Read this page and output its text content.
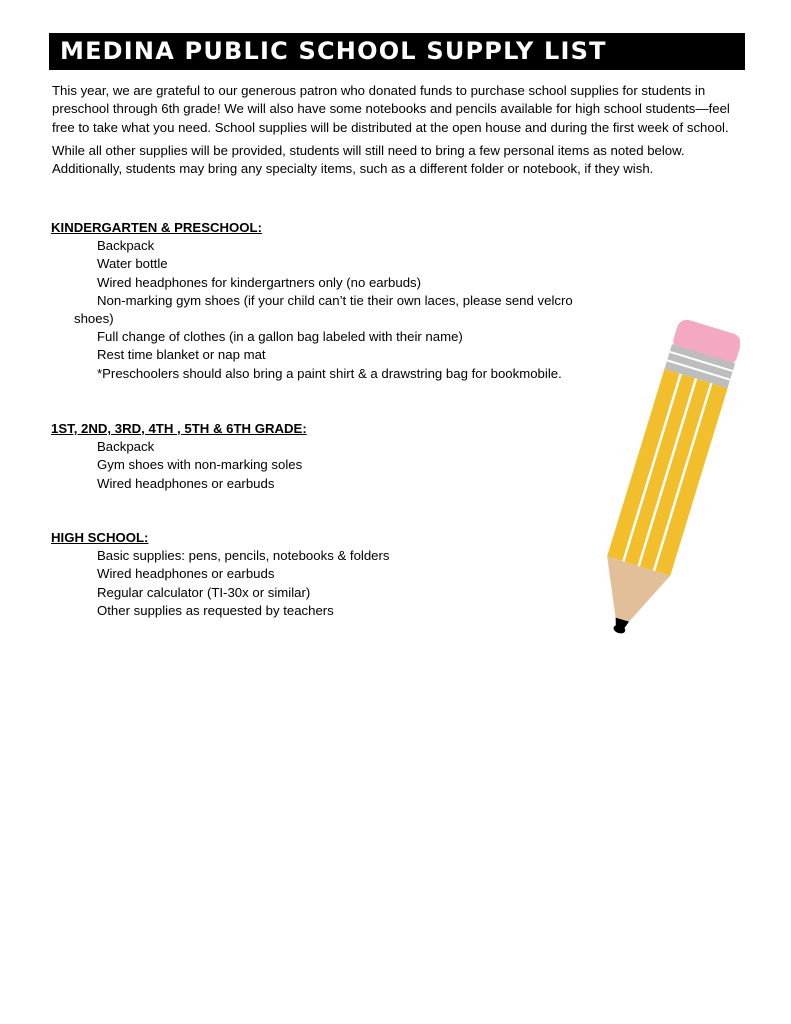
MEDINA PUBLIC SCHOOL SUPPLY LIST

This year, we are grateful to our generous patron who donated funds to purchase school supplies for students in preschool through 6th grade! We will also have some notebooks and pencils available for high school students—feel free to take what you need. School supplies will be distributed at the open house and during the first week of school.

While all other supplies will be provided, students will still need to bring a few personal items as noted below. Additionally, students may bring any specialty items, such as a different folder or notebook, if they wish.

KINDERGARTEN & PRESCHOOL:
Backpack
Water bottle
Wired headphones for kindergartners only (no earbuds)
Non-marking gym shoes (if your child can’t tie their own laces, please send velcro
shoes)
Full change of clothes (in a gallon bag labeled with their name)
Rest time blanket or nap mat
*Preschoolers should also bring a paint shirt & a drawstring bag for bookmobile.
1ST, 2ND, 3RD, 4TH , 5TH & 6TH GRADE:
Backpack
Gym shoes with non-marking soles
Wired headphones or earbuds
HIGH SCHOOL:
Basic supplies: pens, pencils, notebooks & folders
Wired headphones or earbuds
Regular calculator (TI-30x or similar)
Other supplies as requested by teachers
